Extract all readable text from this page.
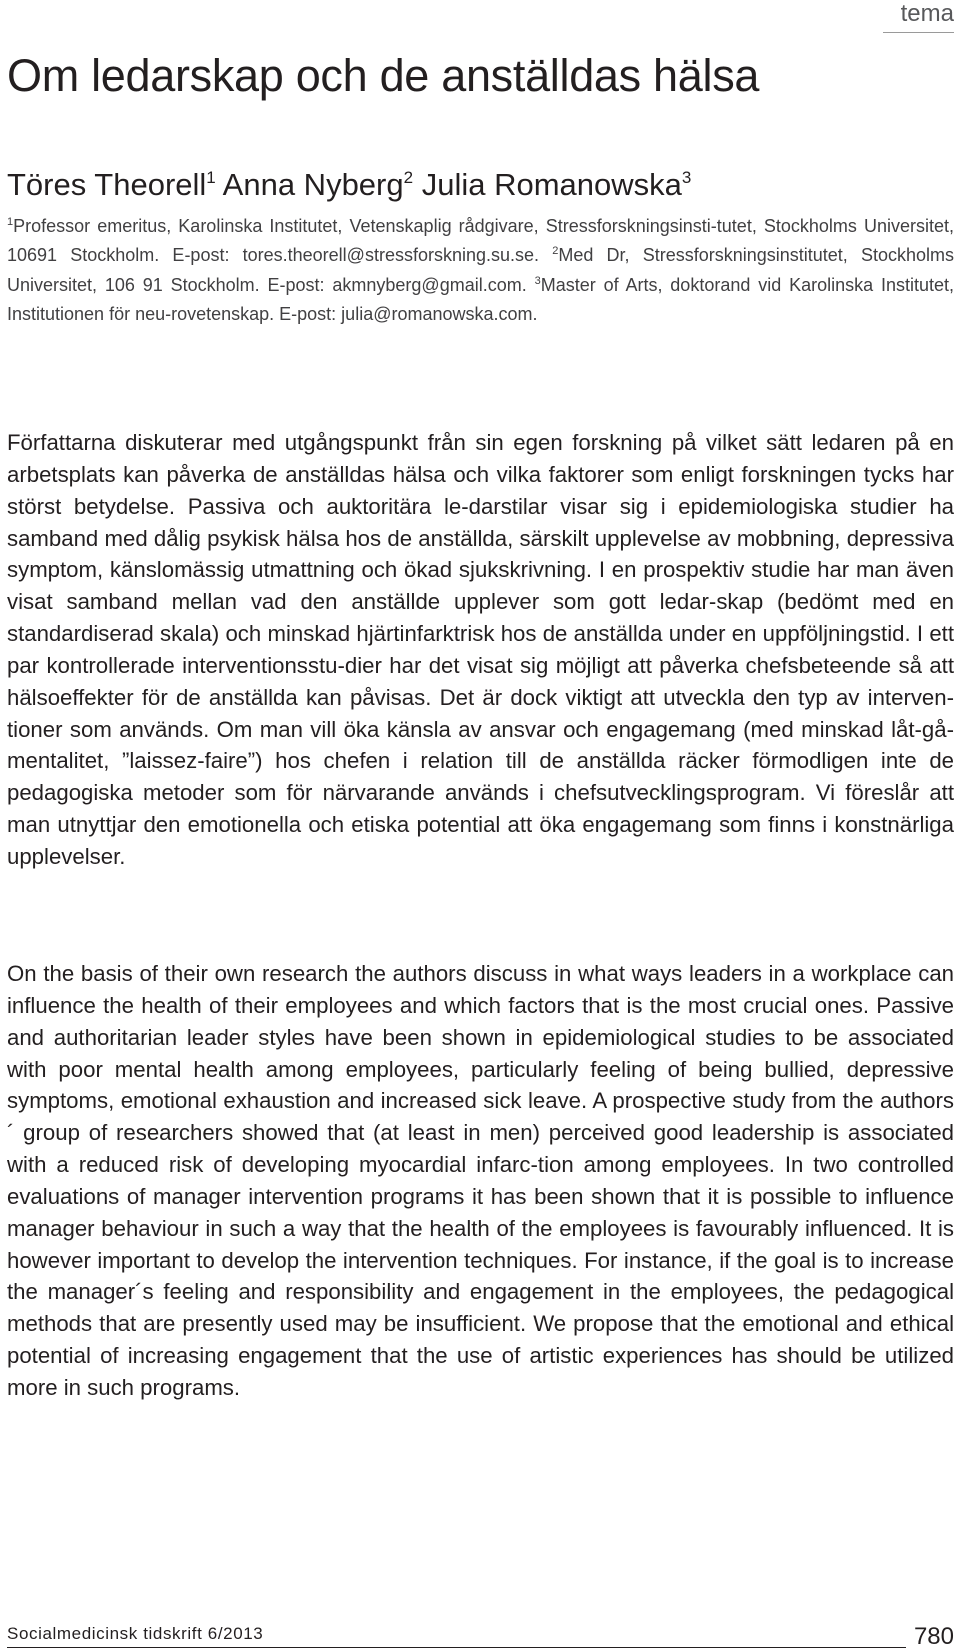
tema
Om ledarskap och de anställdas hälsa
Töres Theorell$^1$ Anna Nyberg$^2$ Julia Romanowska$^3$

$^1$Professor emeritus, Karolinska Institutet, Vetenskaplig rådgivare, Stressforskningsinsti-tutet, Stockholms Universitet, 10691 Stockholm. E-post: tores.theorell@stressforskning.su.se. $^2$Med Dr, Stressforskningsinstitutet, Stockholms Universitet, 106 91 Stockholm. E-post: akmnyberg@gmail.com. $^3$Master of Arts, doktorand vid Karolinska Institutet, Institutionen för neu-rovetenskap. E-post: julia@romanowska.com.

Författarna diskuterar med utgångspunkt från sin egen forskning på vilket sätt ledaren på en arbetsplats kan påverka de anställdas hälsa och vilka faktorer som enligt forskningen tycks har störst betydelse. Passiva och auktoritära le-darstilar visar sig i epidemiologiska studier ha samband med dålig psykisk hälsa hos de anställda, särskilt upplevelse av mobbning, depressiva symptom, känslomässig utmattning och ökad sjukskrivning. I en prospektiv studie har man även visat samband mellan vad den anställde upplever som gott ledar-skap (bedömt med en standardiserad skala) och minskad hjärtinfarktrisk hos de anställda under en uppföljningstid. I ett par kontrollerade interventionsstu-dier har det visat sig möjligt att påverka chefsbeteende så att hälsoeffekter för de anställda kan påvisas. Det är dock viktigt att utveckla den typ av interven-tioner som används. Om man vill öka känsla av ansvar och engagemang (med minskad låt-gå-mentalitet, ”laissez-faire”) hos chefen i relation till de anställda räcker förmodligen inte de pedagogiska metoder som för närvarande används i chefsutvecklingsprogram. Vi föreslår att man utnyttjar den emotionella och etiska potential att öka engagemang som finns i konstnärliga upplevelser.

On the basis of their own research the authors discuss in what ways leaders in a workplace can influence the health of their employees and which factors that is the most crucial ones. Passive and authoritarian leader styles have been shown in epidemiological studies to be associated with poor mental health among employees, particularly feeling of being bullied, depressive symptoms, emotional exhaustion and increased sick leave. A prospective study from the authors´ group of researchers showed that (at least in men) perceived good leadership is associated with a reduced risk of developing myocardial infarc-tion among employees. In two controlled evaluations of manager intervention programs it has been shown that it is possible to influence manager behaviour in such a way that the health of the employees is favourably influenced. It is however important to develop the intervention techniques. For instance, if the goal is to increase the manager´s feeling and responsibility and engagement in the employees, the pedagogical methods that are presently used may be insufficient. We propose that the emotional and ethical potential of increasing engagement that the use of artistic experiences has should be utilized more in such programs.

Socialmedicinsk tidskrift 6/2013	780
